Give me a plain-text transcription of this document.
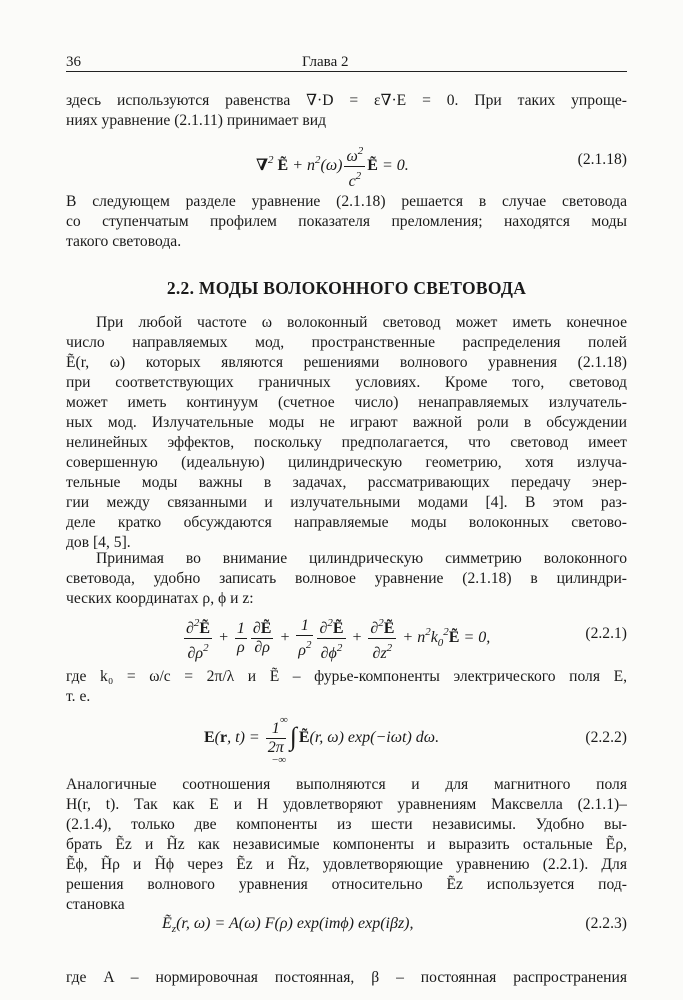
36	Глава 2
здесь используются равенства ∇·D = ε∇·E = 0. При таких упроще-
ниях уравнение (2.1.11) принимает вид
∇$^2$ Ẽ + $n^2(\omega) \frac{\omega^2}{c^2}$ Ẽ = 0.	(2.1.18)
В следующем разделе уравнение (2.1.18) решается в случае световода
со ступенчатым профилем показателя преломления; находятся моды
такого световода.
2.2. МОДЫ ВОЛОКОННОГО СВЕТОВОДА
При любой частоте ω волоконный световод может иметь конечное
число направляемых мод, пространственные распределения полей
Ẽ(r, ω) которых являются решениями волнового уравнения (2.1.18)
при соответствующих граничных условиях. Кроме того, световод
может иметь континуум (счетное число) ненаправляемых излучатель-
ных мод. Излучательные моды не играют важной роли в обсуждении
нелинейных эффектов, поскольку предполагается, что световод имеет
совершенную (идеальную) цилиндрическую геометрию, хотя излуча-
тельные моды важны в задачах, рассматривающих передачу энер-
гии между связанными и излучательными модами [4]. В этом раз-
деле кратко обсуждаются направляемые моды волоконных светово-
дов [4, 5].
Принимая во внимание цилиндрическую симметрию волоконного
световода, удобно записать волновое уравнение (2.1.18) в цилиндри-
ческих координатах ρ, ϕ и z:
$\frac{\partial^2Ẽ}{\partial\rho^2} + \frac{1}{\rho} \frac{\text{∂Ẽ}}{\partial\rho} + \frac{1}{\rho^2} \frac{\partial^2Ẽ}{\partial\phi^2} + \frac{\partial^2Ẽ}{\partial z^2}$ + $n^2k_0^2Ẽ = 0$,	(2.2.1)
где k₀ = ω/c = 2π/λ и Ẽ – фурье-компоненты электрического поля E,
т. е.
E(r, $t) = \frac{1}{2\pi}$ ∫ Ẽ(r, ω) exp(−iωt) dω.
∞
−∞
(2.2.2)
Аналогичные соотношения выполняются и для магнитного поля
H(r, t). Так как E и H удовлетворяют уравнениям Максвелла (2.1.1)–
(2.1.4), только две компоненты из шести независимы. Удобно вы-
брать Ẽz и H̃z как независимые компоненты и выразить остальные Ẽρ,
Ẽϕ, H̃ρ и H̃ϕ через Ẽz и H̃z, удовлетворяющие уравнению (2.2.1). Для
решения волнового уравнения относительно Ẽz используется под-
становка
Ẽ$_z$(r, ω) = A(ω) F(ρ) exp(imϕ) exp(iβz),	(2.2.3)
где A – нормировочная постоянная, β – постоянная распространения
